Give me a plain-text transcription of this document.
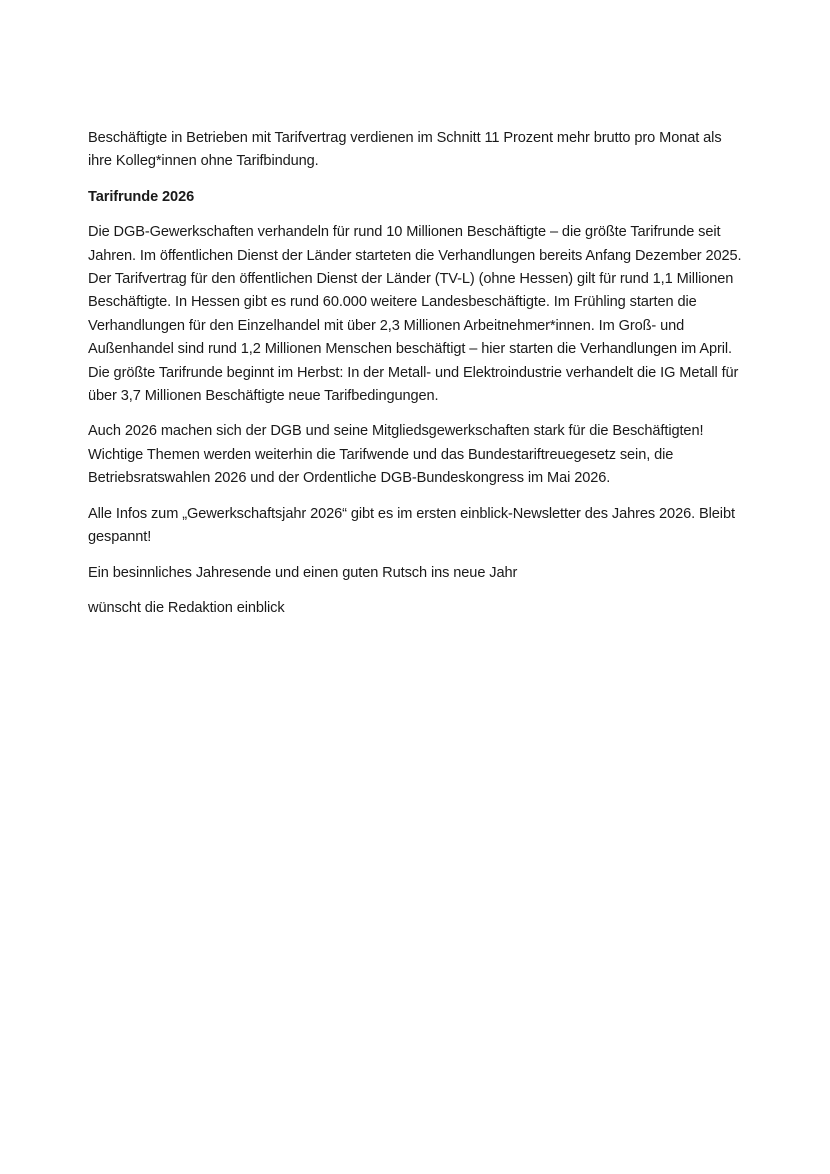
Beschäftigte in Betrieben mit Tarifvertrag verdienen im Schnitt 11 Prozent mehr brutto pro Monat als ihre Kolleg*innen ohne Tarifbindung.

Tarifrunde 2026

Die DGB-Gewerkschaften verhandeln für rund 10 Millionen Beschäftigte – die größte Tarifrunde seit Jahren. Im öffentlichen Dienst der Länder starteten die Verhandlungen bereits Anfang Dezember 2025. Der Tarifvertrag für den öffentlichen Dienst der Länder (TV-L) (ohne Hessen) gilt für rund 1,1 Millionen Beschäftigte. In Hessen gibt es rund 60.000 weitere Landesbeschäftigte. Im Frühling starten die Verhandlungen für den Einzelhandel mit über 2,3 Millionen Arbeitnehmer*innen. Im Groß- und Außenhandel sind rund 1,2 Millionen Menschen beschäftigt – hier starten die Verhandlungen im April. Die größte Tarifrunde beginnt im Herbst: In der Metall- und Elektroindustrie verhandelt die IG Metall für über 3,7 Millionen Beschäftigte neue Tarifbedingungen.

Auch 2026 machen sich der DGB und seine Mitgliedsgewerkschaften stark für die Beschäftigten! Wichtige Themen werden weiterhin die Tarifwende und das Bundestariftreuegesetz sein, die Betriebsratswahlen 2026 und der Ordentliche DGB-Bundeskongress im Mai 2026.

Alle Infos zum „Gewerkschaftsjahr 2026“ gibt es im ersten einblick-Newsletter des Jahres 2026. Bleibt gespannt!

Ein besinnliches Jahresende und einen guten Rutsch ins neue Jahr

wünscht die Redaktion einblick
